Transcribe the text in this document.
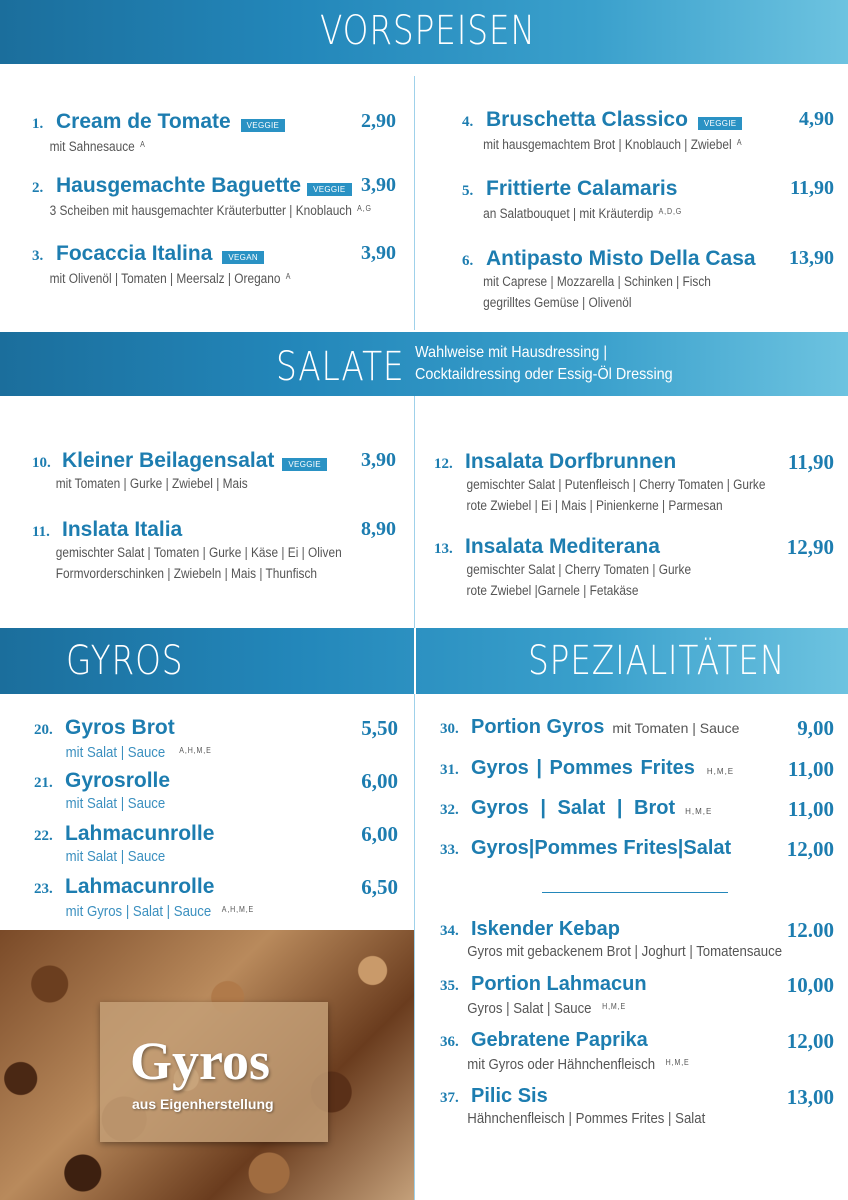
VORSPEISEN
1. Cream de Tomate	VEGGIE	2,90
mit Sahnesauce $^A$
2. Hausgemachte Baguette	VEGGIE 3,90
3 Scheiben mit hausgemachter Kräuterbutter | Knoblauch $^{A,G}$
3. Focaccia Italina	VEGAN	3,90
mit Olivenöl | Tomaten | Meersalz | Oregano $^A$
4. Bruschetta Classico	VEGGIE	4,90
mit hausgemachtem Brot | Knoblauch | Zwiebel $^A$
5. Frittierte Calamaris	11,90
an Salatbouquet | mit Kräuterdip $^{A,D,G}$
6. Antipasto Misto Della Casa 13,90
mit Caprese | Mozzarella | Schinken | Fisch
gegrilltes Gemüse | Olivenöl
SALATE Wahlweise mit Hausdressing |
Cocktaildressing oder Essig-Öl Dressing
10. Kleiner Beilagensalat	VEGGIE	3,90
mit Tomaten | Gurke | Zwiebel | Mais
11. Inslata Italia	8,90
gemischter Salat | Tomaten | Gurke | Käse | Ei | Oliven
Formvorderschinken | Zwiebeln | Mais | Thunfisch
12. Insalata Dorfbrunnen	11,90
gemischter Salat | Putenfleisch | Cherry Tomaten | Gurke
rote Zwiebel | Ei | Mais | Pinienkerne | Parmesan
13. Insalata Mediterana	12,90
gemischter Salat | Cherry Tomaten | Gurke
rote Zwiebel |Garnele | Fetakäse
GYROS	SPEZIALITÄTEN
20. Gyros Brot	5,50
mit Salat | Sauce $^{A,H,M,E}$
21. Gyrosrolle	6,00
mit Salat | Sauce
22. Lahmacunrolle	6,00
mit Salat | Sauce
23. Lahmacunrolle	6,50
mit Gyros | Salat | Sauce $^{A,H,M,E}$
Gyros
aus Eigenherstellung
30. Portion Gyros mit Tomaten | Sauce	9,00
31. Gyros | Pommes Frites H,M,E	11,00
32. Gyros | Salat | Brot H,M,E	11,00
33. Gyros|Pommes Frites|Salat	12,00
34. Iskender Kebap	12.00
Gyros mit gebackenem Brot | Joghurt | Tomatensauce
35. Portion Lahmacun	10,00
Gyros | Salat | Sauce $^{H,M,E}$
36. Gebratene Paprika	12,00
mit Gyros oder Hähnchenfleisch $^{H,M,E}$
37. Pilic Sis	13,00
Hähnchenfleisch | Pommes Frites | Salat
